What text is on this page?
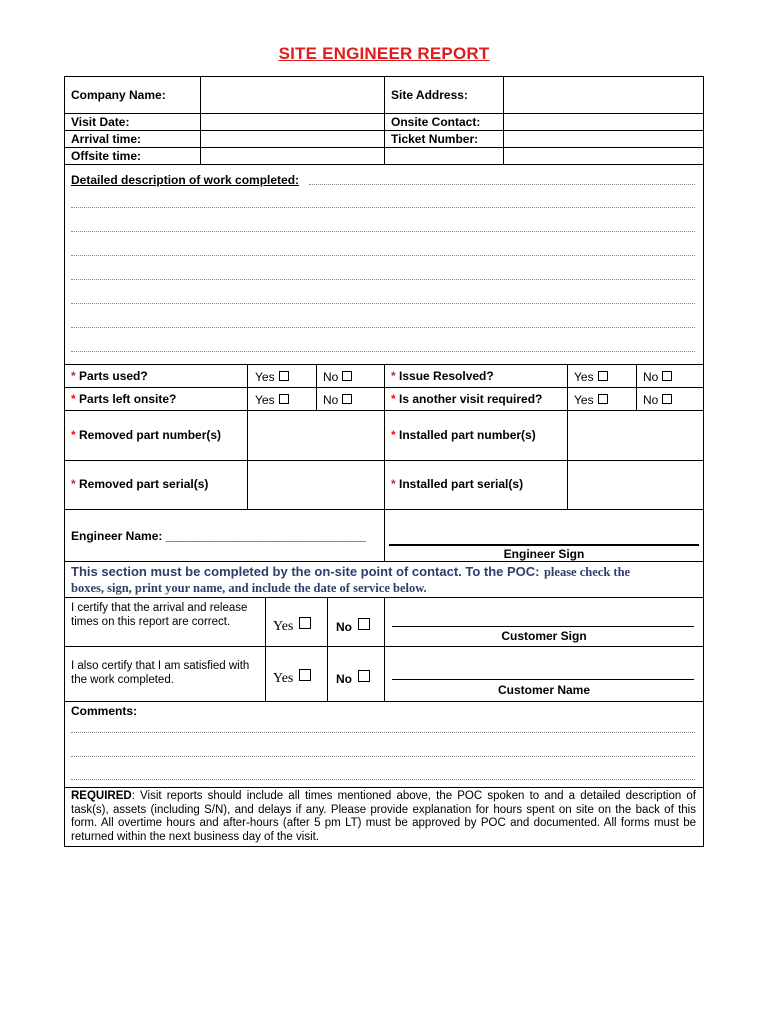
SITE ENGINEER REPORT
Company Name:	Site Address:
Visit Date:	Onsite Contact:
Arrival time:	Ticket Number:
Offsite time:
Detailed description of work completed:
* Parts used?	Yes	No	* Issue Resolved?	Yes	No
* Parts left onsite?	Yes	No	* Is another visit required?	Yes	No
* Removed part number(s)	* Installed part number(s)
* Removed part serial(s)	* Installed part serial(s)
Engineer Name: ______________________________
Engineer Sign
This section must be completed by the on-site point of contact. To the POC: please check the
boxes, sign, print your name, and include the date of service below.
I certify that the arrival and release times on this report are correct.	Yes	No
Customer Sign
I also certify that I am satisfied with the work completed.	Yes	No
Customer Name
Comments:
REQUIRED: Visit reports should include all times mentioned above, the POC spoken to and a detailed description of task(s), assets (including S/N), and delays if any. Please provide explanation for hours spent on site on the back of this form. All overtime hours and after-hours (after 5 pm LT) must be approved by POC and documented. All forms must be returned within the next business day of the visit.
